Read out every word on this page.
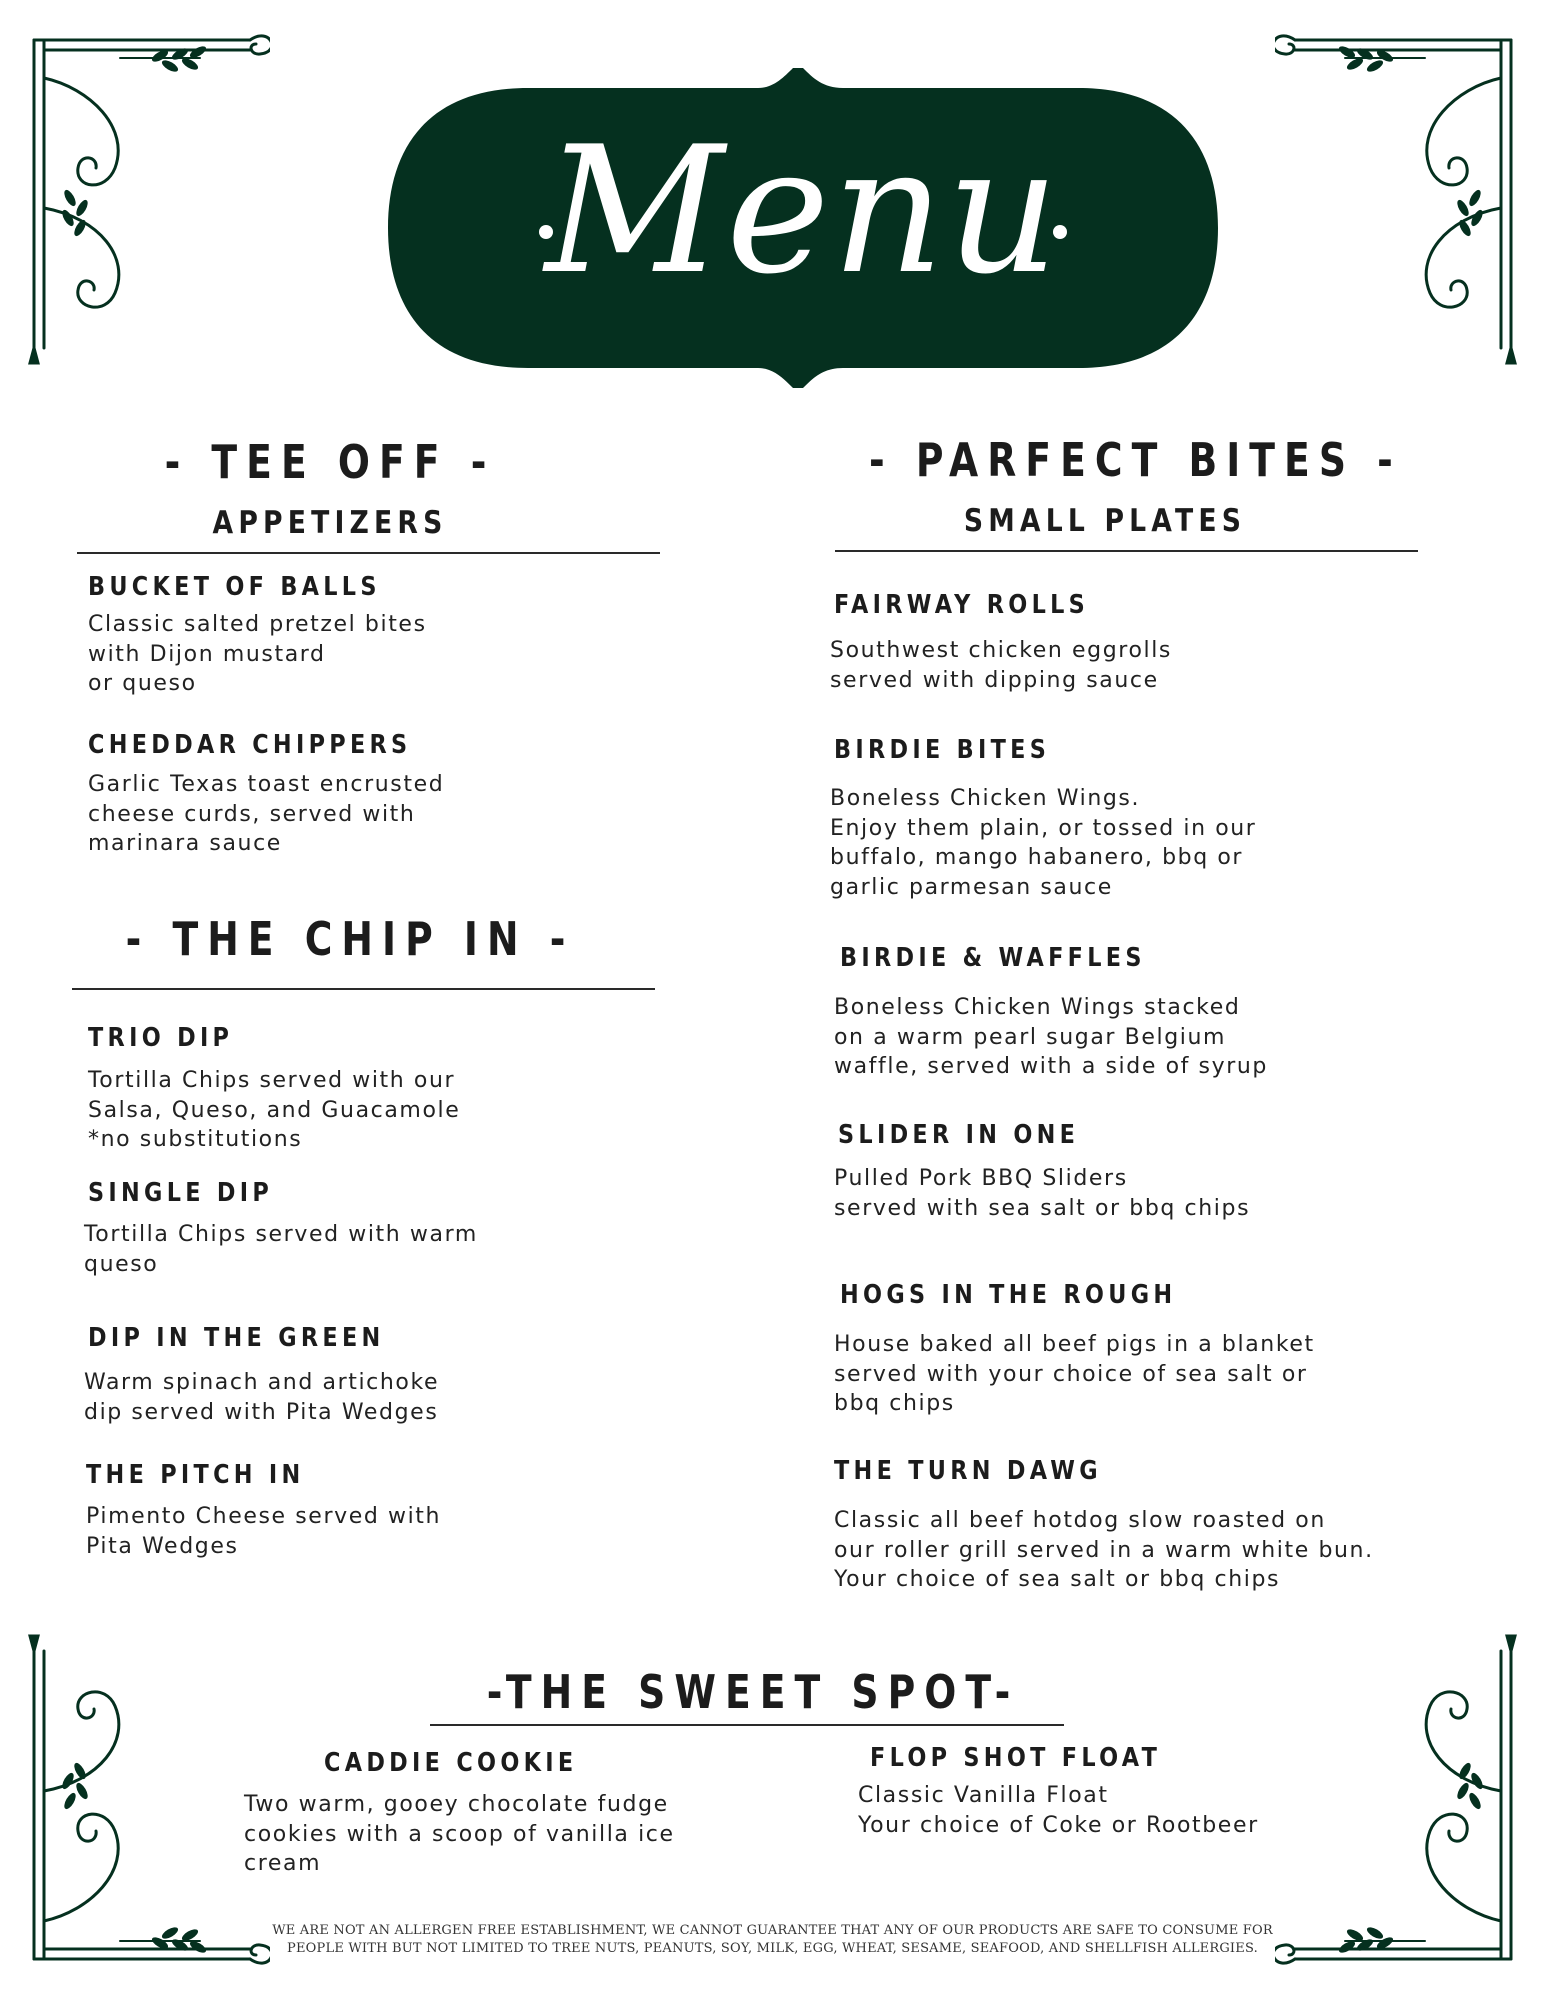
Menu
- TEE OFF -
APPETIZERS
BUCKET OF BALLS
Classic salted pretzel bites
with Dijon mustard
or queso
CHEDDAR CHIPPERS
Garlic Texas toast encrusted
cheese curds, served with
marinara sauce
- THE CHIP IN -
TRIO DIP
Tortilla Chips served with our
Salsa, Queso, and Guacamole
*no substitutions
SINGLE DIP
Tortilla Chips served with warm
queso
DIP IN THE GREEN
Warm spinach and artichoke
dip served with Pita Wedges
THE PITCH IN
Pimento Cheese served with
Pita Wedges
- PARFECT BITES -
SMALL PLATES
FAIRWAY ROLLS
Southwest chicken eggrolls
served with dipping sauce
BIRDIE BITES
Boneless Chicken Wings.
Enjoy them plain, or tossed in our
buffalo, mango habanero, bbq or
garlic parmesan sauce
BIRDIE & WAFFLES
Boneless Chicken Wings stacked
on a warm pearl sugar Belgium
waffle, served with a side of syrup
SLIDER IN ONE
Pulled Pork BBQ Sliders
served with sea salt or bbq chips
HOGS IN THE ROUGH
House baked all beef pigs in a blanket
served with your choice of sea salt or
bbq chips
THE TURN DAWG
Classic all beef hotdog slow roasted on
our roller grill served in a warm white bun.
Your choice of sea salt or bbq chips
-THE SWEET SPOT-
CADDIE COOKIE
Two warm, gooey chocolate fudge
cookies with a scoop of vanilla ice
cream
FLOP SHOT FLOAT
Classic Vanilla Float
Your choice of Coke or Rootbeer
WE ARE NOT AN ALLERGEN FREE ESTABLISHMENT, WE CANNOT GUARANTEE THAT ANY OF OUR PRODUCTS ARE SAFE TO CONSUME FOR PEOPLE WITH BUT NOT LIMITED TO TREE NUTS, PEANUTS, SOY, MILK, EGG, WHEAT, SESAME, SEAFOOD, AND SHELLFISH ALLERGIES.
